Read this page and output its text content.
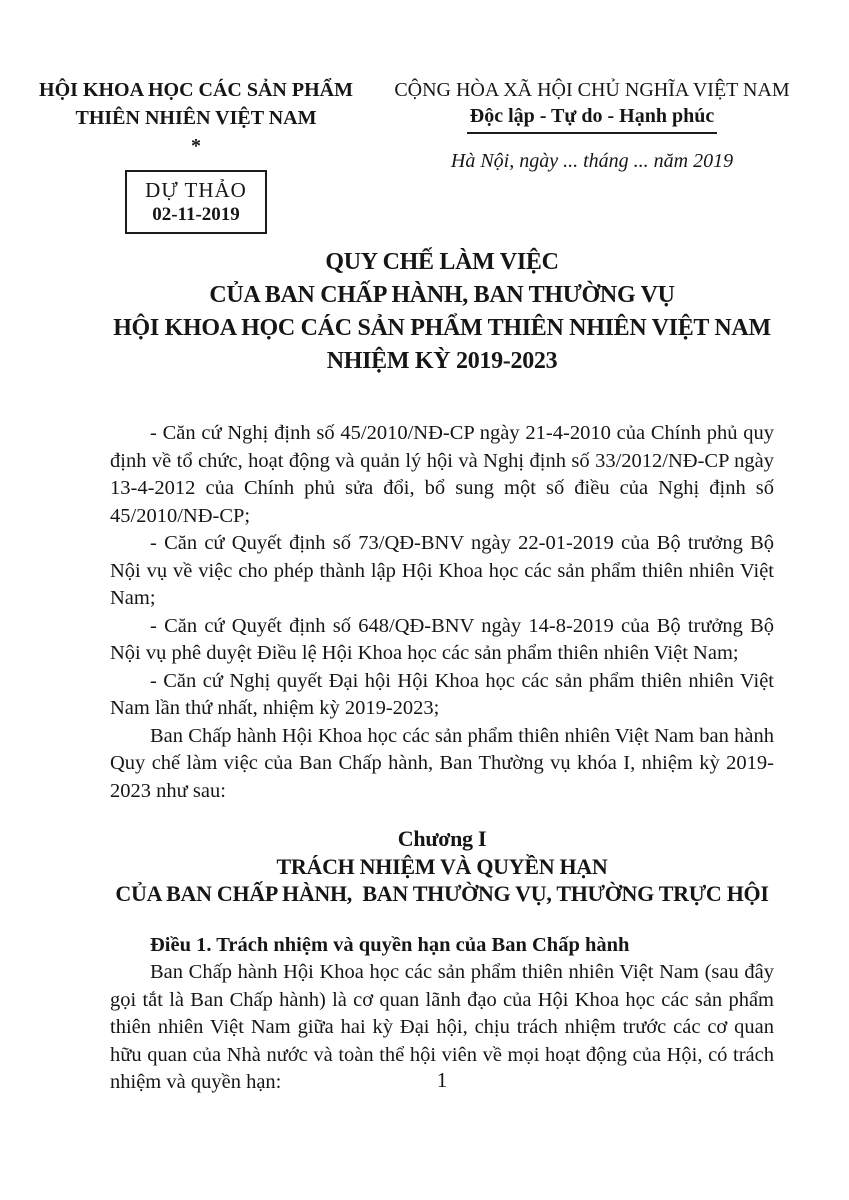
HỘI KHOA HỌC CÁC SẢN PHẨM
THIÊN NHIÊN VIỆT NAM
*
DỰ THẢO
02-11-2019
CỘNG HÒA XÃ HỘI CHỦ NGHĨA VIỆT NAM
Độc lập - Tự do - Hạnh phúc
Hà Nội, ngày ... tháng ... năm 2019
QUY CHẾ LÀM VIỆC
CỦA BAN CHẤP HÀNH, BAN THƯỜNG VỤ
HỘI KHOA HỌC CÁC SẢN PHẨM THIÊN NHIÊN VIỆT NAM
NHIỆM KỲ 2019-2023

- Căn cứ Nghị định số 45/2010/NĐ-CP ngày 21-4-2010 của Chính phủ quy định về tổ chức, hoạt động và quản lý hội và Nghị định số 33/2012/NĐ-CP ngày 13-4-2012 của Chính phủ sửa đổi, bổ sung một số điều của Nghị định số 45/2010/NĐ-CP;

- Căn cứ Quyết định số 73/QĐ-BNV ngày 22-01-2019 của Bộ trưởng Bộ Nội vụ về việc cho phép thành lập Hội Khoa học các sản phẩm thiên nhiên Việt Nam;

- Căn cứ Quyết định số 648/QĐ-BNV ngày 14-8-2019 của Bộ trưởng Bộ Nội vụ phê duyệt Điều lệ Hội Khoa học các sản phẩm thiên nhiên Việt Nam;

- Căn cứ Nghị quyết Đại hội Hội Khoa học các sản phẩm thiên nhiên Việt Nam lần thứ nhất, nhiệm kỳ 2019-2023;

Ban Chấp hành Hội Khoa học các sản phẩm thiên nhiên Việt Nam ban hành Quy chế làm việc của Ban Chấp hành, Ban Thường vụ khóa I, nhiệm kỳ 2019-2023 như sau:

Chương I
TRÁCH NHIỆM VÀ QUYỀN HẠN
CỦA BAN CHẤP HÀNH,  BAN THƯỜNG VỤ, THƯỜNG TRỰC HỘI

Điều 1. Trách nhiệm và quyền hạn của Ban Chấp hành

Ban Chấp hành Hội Khoa học các sản phẩm thiên nhiên Việt Nam (sau đây gọi tắt là Ban Chấp hành) là cơ quan lãnh đạo của Hội Khoa học các sản phẩm thiên nhiên Việt Nam giữa hai kỳ Đại hội, chịu trách nhiệm trước các cơ quan hữu quan của Nhà nước và toàn thể hội viên về mọi hoạt động của Hội, có trách nhiệm và quyền hạn:	1
